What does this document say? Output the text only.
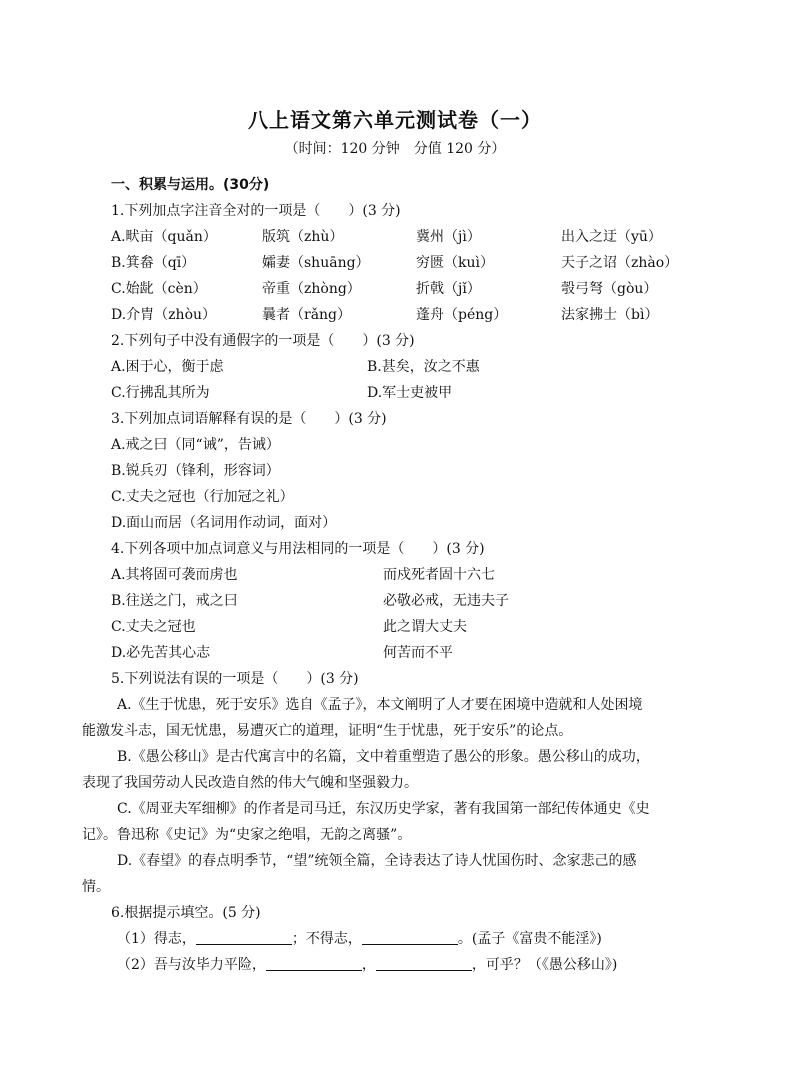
八上语文第六单元测试卷（一）
（时间：120 分钟　分值 120 分）
一、积累与运用。(30分)
1.下列加点字注音全对的一项是（　　）(3 分)
A.畎亩（quǎn）	版筑（zhù）	冀州（jì）	出入之迂（yū）
B.箕畚（qī）	孀妻（shuāng）	穷匮（kuì）	天子之诏（zhào）
C.始龀（cèn）	帝重（zhòng）	折戟（jǐ）	彀弓弩（gòu）
D.介胄（zhòu）	曩者（rǎng）	蓬舟（péng）	法家拂士（bì）
2.下列句子中没有通假字的一项是（　　）(3 分)
A.困于心，衡于虑	B.甚矣，汝之不惠
C.行拂乱其所为	D.军士吏被甲
3.下列加点词语解释有误的是（　　）(3 分)
A.戒之曰（同“诫”，告诫）
B.锐兵刃（锋利，形容词）
C.丈夫之冠也（行加冠之礼）
D.面山而居（名词用作动词，面对）
4.下列各项中加点词意义与用法相同的一项是（　　）(3 分)
A.其将固可袭而虏也	而戍死者固十六七
B.往送之门，戒之曰	必敬必戒，无违夫子
C.丈夫之冠也	此之谓大丈夫
D.必先苦其心志	何苦而不平
5.下列说法有误的一项是（　　）(3 分)
A.《生于忧患，死于安乐》选自《孟子》，本文阐明了人才要在困境中造就和人处困境
能激发斗志，国无忧患，易遭灭亡的道理，证明“生于忧患，死于安乐”的论点。
B.《愚公移山》是古代寓言中的名篇，文中着重塑造了愚公的形象。愚公移山的成功，
表现了我国劳动人民改造自然的伟大气魄和坚强毅力。
C.《周亚夫军细柳》的作者是司马迁，东汉历史学家，著有我国第一部纪传体通史《史
记》。鲁迅称《史记》为“史家之绝唱，无韵之离骚”。
D.《春望》的春点明季节，“望”统领全篇，全诗表达了诗人忧国伤时、念家悲己的感
情。
6.根据提示填空。(5 分)
（1）得志，	；不得志，	。(孟子《富贵不能淫》)
（2）吾与汝毕力平险，	，	，可乎？（《愚公移山》)
